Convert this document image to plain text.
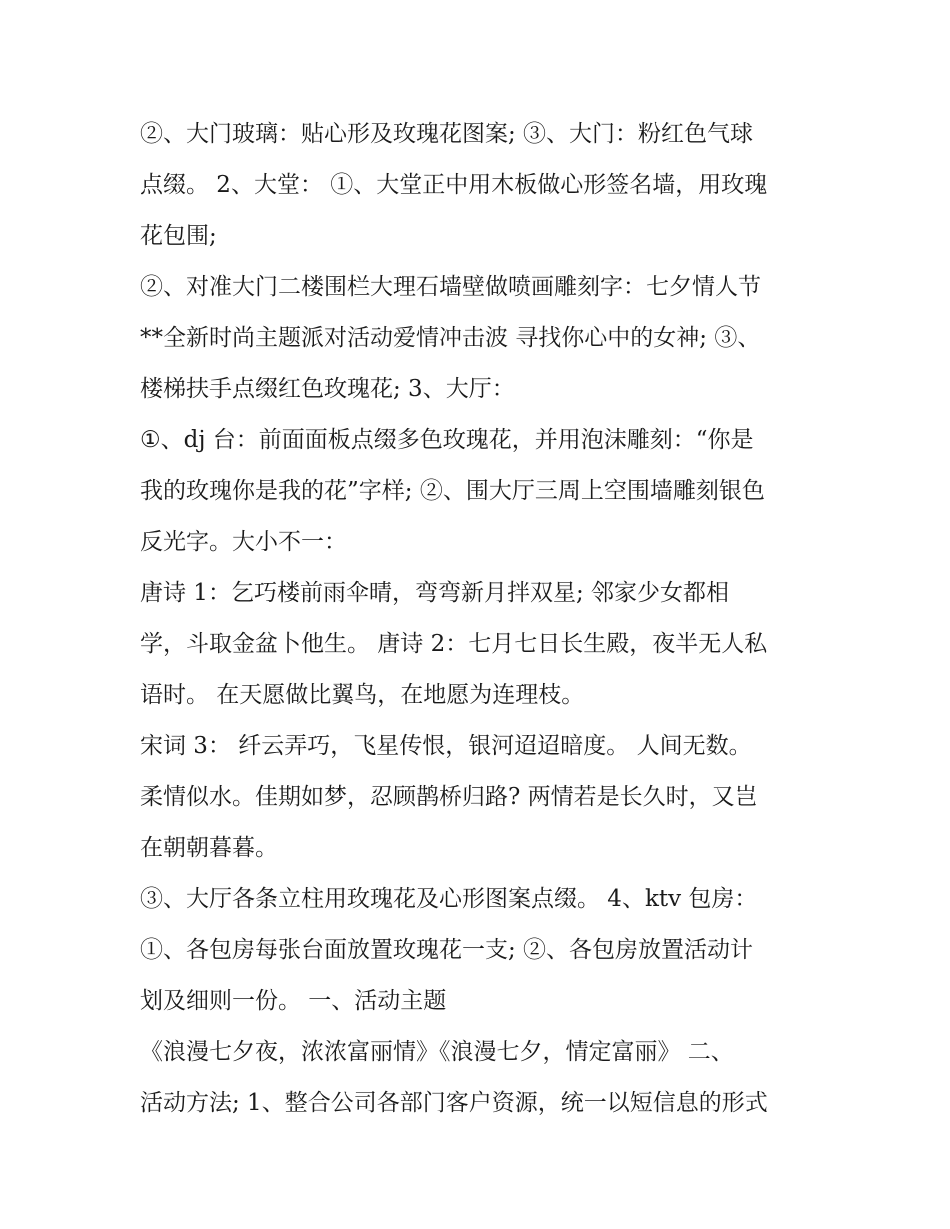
②、大门玻璃：贴心形及玫瑰花图案; ③、大门：粉红色气球
点缀。 2、大堂： ①、大堂正中用木板做心形签名墙，用玫瑰
花包围;
②、对准大门二楼围栏大理石墙壁做喷画雕刻字：七夕情人节
**全新时尚主题派对活动爱情冲击波 寻找你心中的女神; ③、
楼梯扶手点缀红色玫瑰花; 3、大厅：
①、dj 台：前面面板点缀多色玫瑰花，并用泡沫雕刻：“你是
我的玫瑰你是我的花”字样; ②、围大厅三周上空围墙雕刻银色
反光字。大小不一：
唐诗 1：乞巧楼前雨伞晴，弯弯新月拌双星; 邻家少女都相
学，斗取金盆卜他生。 唐诗 2：七月七日长生殿，夜半无人私
语时。 在天愿做比翼鸟，在地愿为连理枝。
宋词 3： 纤云弄巧，飞星传恨，银河迢迢暗度。 人间无数。
柔情似水。佳期如梦，忍顾鹊桥归路? 两情若是长久时，又岂
在朝朝暮暮。
③、大厅各条立柱用玫瑰花及心形图案点缀。 4、ktv 包房：
①、各包房每张台面放置玫瑰花一支; ②、各包房放置活动计
划及细则一份。 一、活动主题
《浪漫七夕夜，浓浓富丽情》《浪漫七夕，情定富丽》 二、
活动方法; 1、整合公司各部门客户资源，统一以短信息的形式
